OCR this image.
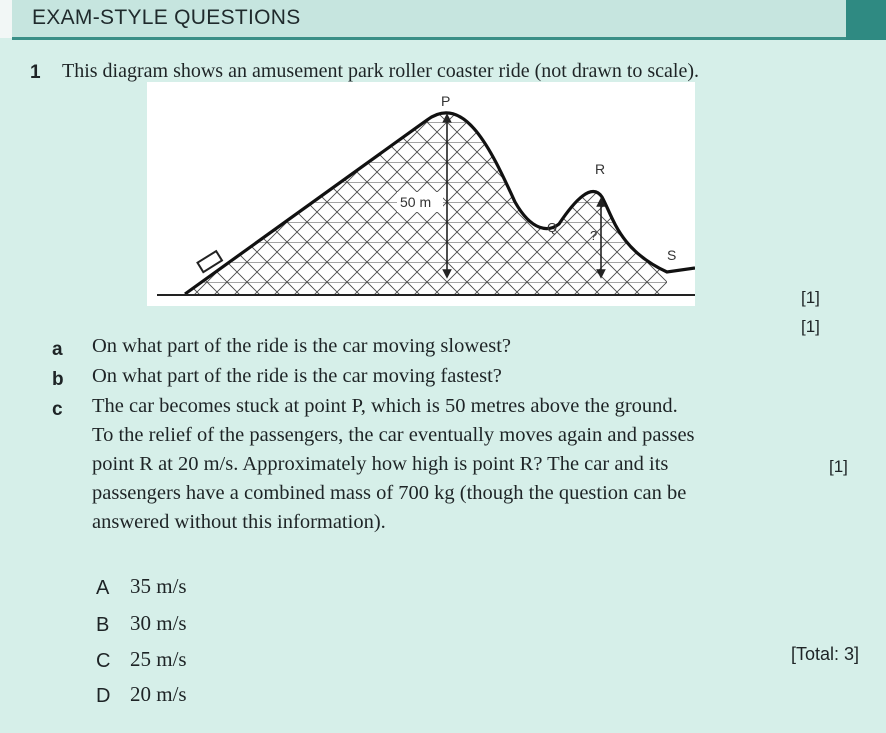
EXAM-STYLE QUESTIONS
1 This diagram shows an amusement park roller coaster ride (not drawn to scale).
P
50 m
Q
R
?
S
a On what part of the ride is the car moving slowest?
[1]
b On what part of the ride is the car moving fastest?
[1]
c The car becomes stuck at point P, which is 50 metres above the ground.
To the relief of the passengers, the car eventually moves again and passes
point R at 20 m/s. Approximately how high is point R? The car and its
passengers have a combined mass of 700 kg (though the question can be
answered without this information).
[1]
A 35 m/s
B 30 m/s
C 25 m/s
D 20 m/s
[Total: 3]
